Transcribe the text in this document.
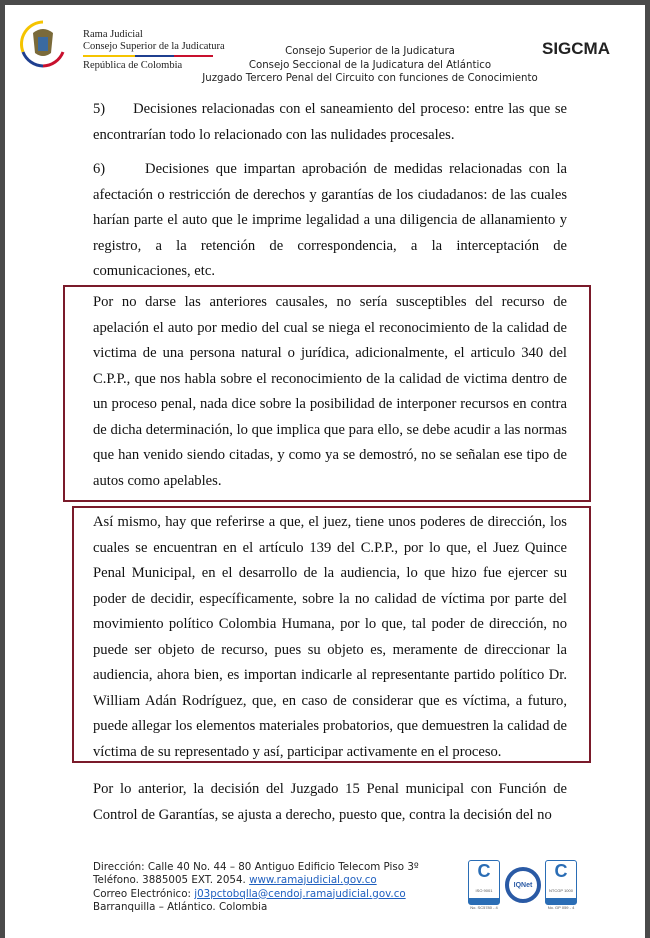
Rama Judicial
Consejo Superior de la Judicatura
República de Colombia
Consejo Superior de la Judicatura
Consejo Seccional de la Judicatura del Atlántico
Juzgado Tercero Penal del Circuito con funciones de Conocimiento
SIGCMA

5)      Decisiones relacionadas con el saneamiento del proceso: entre las que se encontrarían todo lo relacionado con las nulidades procesales.

6)      Decisiones que impartan aprobación de medidas relacionadas con la afectación o restricción de derechos y garantías de los ciudadanos: de las cuales harían parte el auto que le imprime legalidad a una diligencia de allanamiento y registro, a la retención de correspondencia, a la interceptación de comunicaciones, etc.

Por no darse las anteriores causales, no sería susceptibles del recurso de apelación el auto por medio del cual se niega el reconocimiento de la calidad de victima de una persona natural o jurídica, adicionalmente, el articulo 340 del C.P.P., que nos habla sobre el reconocimiento de la calidad de victima dentro de un proceso penal, nada dice sobre la posibilidad de interponer recursos en contra de dicha determinación, lo que implica que para ello, se debe acudir a las normas que han venido siendo citadas, y como ya se demostró, no se señalan ese tipo de autos como apelables.

Así mismo, hay que referirse a que, el juez, tiene unos poderes de dirección, los cuales se encuentran en el artículo 139 del C.P.P., por lo que, el Juez Quince Penal Municipal, en el desarrollo de la audiencia, lo que hizo fue ejercer su poder de decidir, específicamente, sobre la no calidad de víctima por parte del movimiento político Colombia Humana, por lo que, tal poder de dirección, no puede ser objeto de recurso, pues su objeto es, meramente de direccionar la audiencia, ahora bien, es importan indicarle al representante partido político Dr. William Adán Rodríguez, que, en caso de considerar que es víctima, a futuro, puede allegar los elementos materiales probatorios, que demuestren la calidad de víctima de su representado y así, participar activamente en el proceso.

Por lo anterior, la decisión del Juzgado 15 Penal municipal con Función de Control de Garantías, se ajusta a derecho, puesto que, contra la decisión del no

Dirección: Calle 40 No. 44 – 80 Antiguo Edificio Telecom Piso 3º
Teléfono. 3885005 EXT. 2054. www.ramajudicial.gov.co
Correo Electrónico: j03pctobqlla@cendoj.ramajudicial.gov.co
Barranquilla – Atlántico. Colombia
C
ISO 9001
No. SC5780 - 4
IQNet
C
NTCGP 1000
No. GP 059 - 4
